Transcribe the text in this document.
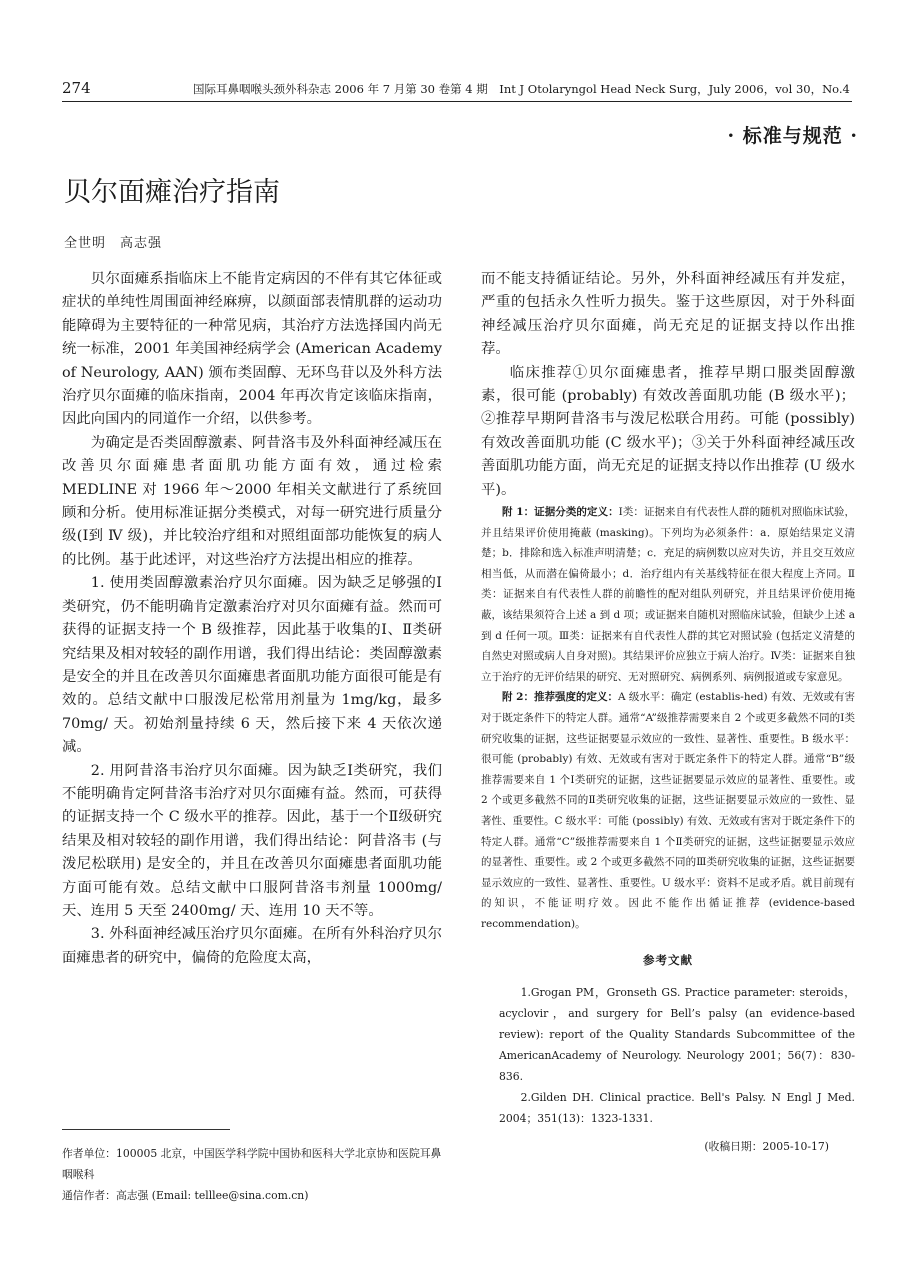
274	国际耳鼻咽喉头颈外科杂志 2006 年 7 月第 30 卷第 4 期　Int J Otolaryngol Head Neck Surg，July 2006，vol 30，No.4
· 标准与规范 ·
贝尔面瘫治疗指南
全世明　高志强

贝尔面瘫系指临床上不能肯定病因的不伴有其它体征或症状的单纯性周围面神经麻痹，以颜面部表情肌群的运动功能障碍为主要特征的一种常见病，其治疗方法选择国内尚无统一标准，2001 年美国神经病学会 (American Academy of Neurology, AAN) 颁布类固醇、无环鸟苷以及外科方法治疗贝尔面瘫的临床指南，2004 年再次肯定该临床指南，因此向国内的同道作一介绍，以供参考。

为确定是否类固醇激素、阿昔洛韦及外科面神经减压在改善贝尔面瘫患者面肌功能方面有效，通过检索 MEDLINE 对 1966 年～2000 年相关文献进行了系统回顾和分析。使用标准证据分类模式，对每一研究进行质量分级(Ⅰ到 Ⅳ 级)，并比较治疗组和对照组面部功能恢复的病人的比例。基于此述评，对这些治疗方法提出相应的推荐。

1. 使用类固醇激素治疗贝尔面瘫。因为缺乏足够强的Ⅰ类研究，仍不能明确肯定激素治疗对贝尔面瘫有益。然而可获得的证据支持一个 B 级推荐，因此基于收集的Ⅰ、Ⅱ类研究结果及相对较轻的副作用谱，我们得出结论：类固醇激素是安全的并且在改善贝尔面瘫患者面肌功能方面很可能是有效的。总结文献中口服泼尼松常用剂量为 1mg/kg，最多 70mg/ 天。初始剂量持续 6 天，然后接下来 4 天依次递减。

2. 用阿昔洛韦治疗贝尔面瘫。因为缺乏Ⅰ类研究，我们不能明确肯定阿昔洛韦治疗对贝尔面瘫有益。然而，可获得的证据支持一个 C 级水平的推荐。因此，基于一个Ⅱ级研究结果及相对较轻的副作用谱，我们得出结论：阿昔洛韦 (与泼尼松联用) 是安全的，并且在改善贝尔面瘫患者面肌功能方面可能有效。总结文献中口服阿昔洛韦剂量 1000mg/ 天、连用 5 天至 2400mg/ 天、连用 10 天不等。

3. 外科面神经减压治疗贝尔面瘫。在所有外科治疗贝尔面瘫患者的研究中，偏倚的危险度太高，

而不能支持循证结论。另外，外科面神经减压有并发症，严重的包括永久性听力损失。鉴于这些原因，对于外科面神经减压治疗贝尔面瘫，尚无充足的证据支持以作出推荐。

临床推荐①贝尔面瘫患者，推荐早期口服类固醇激素，很可能 (probably) 有效改善面肌功能 (B 级水平)；②推荐早期阿昔洛韦与泼尼松联合用药。可能 (possibly) 有效改善面肌功能 (C 级水平)；③关于外科面神经减压改善面肌功能方面，尚无充足的证据支持以作出推荐 (U 级水平)。

附 1：证据分类的定义：Ⅰ类：证据来自有代表性人群的随机对照临床试验，并且结果评价使用掩蔽 (masking)。下列均为必须条件：a．原始结果定义清楚；b．排除和选入标准声明清楚；c．充足的病例数以应对失访，并且交互效应相当低，从而潜在偏倚最小；d．治疗组内有关基线特征在很大程度上齐同。Ⅱ类：证据来自有代表性人群的前瞻性的配对组队列研究，并且结果评价使用掩蔽，该结果须符合上述 a 到 d 项；或证据来自随机对照临床试验，但缺少上述 a 到 d 任何一项。Ⅲ类：证据来有自代表性人群的其它对照试验 (包括定义清楚的自然史对照或病人自身对照)。其结果评价应独立于病人治疗。Ⅳ类：证据来自独立于治疗的无评价结果的研究、无对照研究、病例系列、病例报道或专家意见。

附 2：推荐强度的定义：A 级水平：确定 (establis-hed) 有效、无效或有害对于既定条件下的特定人群。通常“A”级推荐需要来自 2 个或更多截然不同的Ⅰ类研究收集的证据，这些证据要显示效应的一致性、显著性、重要性。B 级水平：很可能 (probably) 有效、无效或有害对于既定条件下的特定人群。通常“B”级推荐需要来自 1 个Ⅰ类研究的证据，这些证据要显示效应的显著性、重要性。或 2 个或更多截然不同的Ⅱ类研究收集的证据，这些证据要显示效应的一致性、显著性、重要性。C 级水平：可能 (possibly) 有效、无效或有害对于既定条件下的特定人群。通常“C”级推荐需要来自 1 个Ⅱ类研究的证据，这些证据要显示效应的显著性、重要性。或 2 个或更多截然不同的Ⅲ类研究收集的证据，这些证据要显示效应的一致性、显著性、重要性。U 级水平：资料不足或矛盾。就目前现有的知识，不能证明疗效。因此不能作出循证推荐 (evidence-based recommendation)。

参考文献

1.Grogan PM，Gronseth GS. Practice parameter: steroids，acyclovir，and surgery for Bell’s palsy (an evidence-based review): report of the Quality Standards Subcommittee of the AmericanAcademy of Neurology. Neurology 2001；56(7)：830-836.

2.Gilden DH. Clinical practice. Bell's Palsy. N Engl J Med. 2004；351(13)：1323-1331.

(收稿日期：2005-10-17)
作者单位：100005 北京，中国医学科学院中国协和医科大学北京协和医院耳鼻咽喉科
通信作者：高志强 (Email: telllee@sina.com.cn)
